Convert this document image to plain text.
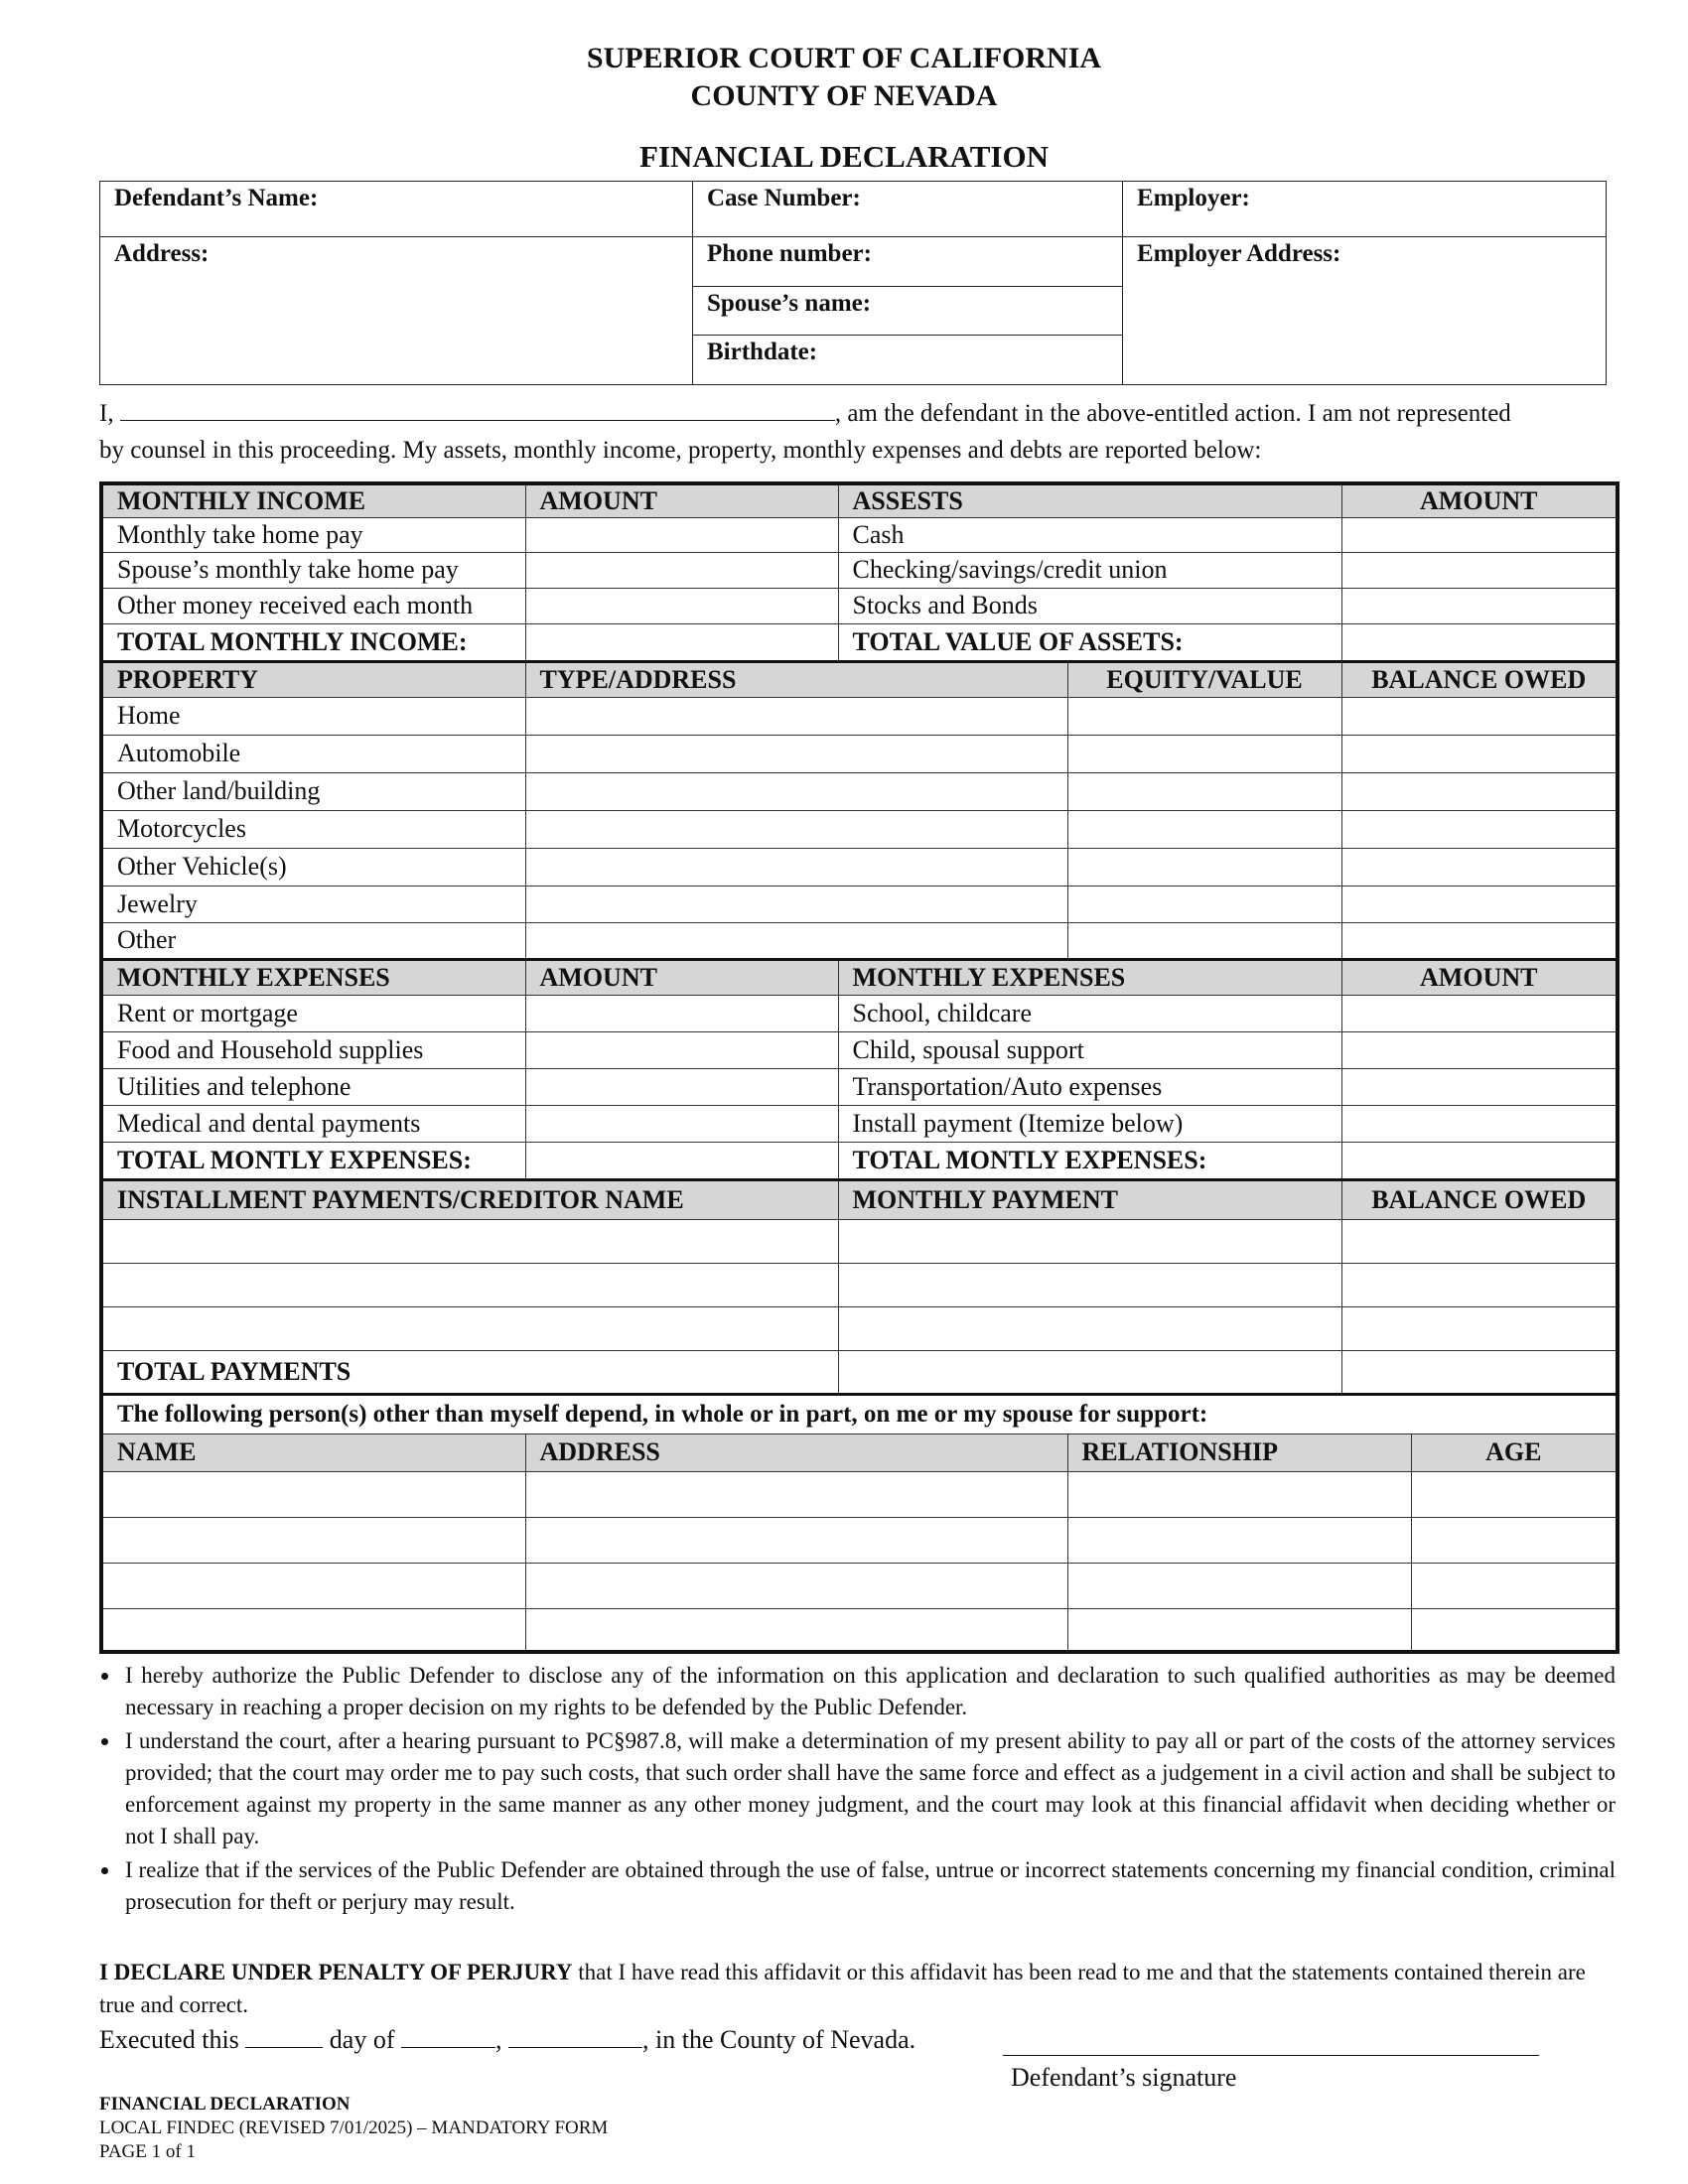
SUPERIOR COURT OF CALIFORNIA
COUNTY OF NEVADA
FINANCIAL DECLARATION
Defendant’s Name:	Case Number:	Employer:

Address:	Phone number:	Employer Address:

	Spouse’s name:	

	Birthdate:	
I,	, am the defendant in the above-entitled action. I am not represented
by counsel in this proceeding. My assets, monthly income, property, monthly expenses and debts are reported below:
MONTHLY INCOME	AMOUNT	ASSESTS		AMOUNT	
Monthly take home pay		Cash			
Spouse’s monthly take home pay		Checking/savings/credit union			
Other money received each month		Stocks and Bonds			
TOTAL MONTHLY INCOME:		TOTAL VALUE OF ASSETS:			
PROPERTY	TYPE/ADDRESS		EQUITY/VALUE	BALANCE OWED	
Home					
Automobile					
Other land/building					
Motorcycles					
Other Vehicle(s)					
Jewelry					
Other					
MONTHLY EXPENSES	AMOUNT	MONTHLY EXPENSES		AMOUNT	
Rent or mortgage		School, childcare			
Food and Household supplies		Child, spousal support			
Utilities and telephone		Transportation/Auto expenses			
Medical and dental payments		Install payment (Itemize below)			
TOTAL MONTLY EXPENSES:		TOTAL MONTLY EXPENSES:			
INSTALLMENT PAYMENTS/CREDITOR NAME		MONTHLY PAYMENT		BALANCE OWED	

TOTAL PAYMENTS					
The following person(s) other than myself depend, in whole or in part, on me or my spouse for support:					
NAME	ADDRESS		RELATIONSHIP		AGE

• I hereby authorize the Public Defender to disclose any of the information on this application and declaration to such qualified authorities as may be deemed necessary in reaching a proper decision on my rights to be defended by the Public Defender.
• I understand the court, after a hearing pursuant to PC§987.8, will make a determination of my present ability to pay all or part of the costs of the attorney services provided; that the court may order me to pay such costs, that such order shall have the same force and effect as a judgement in a civil action and shall be subject to enforcement against my property in the same manner as any other money judgment, and the court may look at this financial affidavit when deciding whether or not I shall pay.
• I realize that if the services of the Public Defender are obtained through the use of false, untrue or incorrect statements concerning my financial condition, criminal prosecution for theft or perjury may result.
I DECLARE UNDER PENALTY OF PERJURY that I have read this affidavit or this affidavit has been read to me and that the statements contained therein are true and correct.
Executed this	day of	,	, in the County of Nevada.
Defendant’s signature
FINANCIAL DECLARATION
LOCAL FINDEC (REVISED 7/01/2025) – MANDATORY FORM
PAGE 1 of 1
